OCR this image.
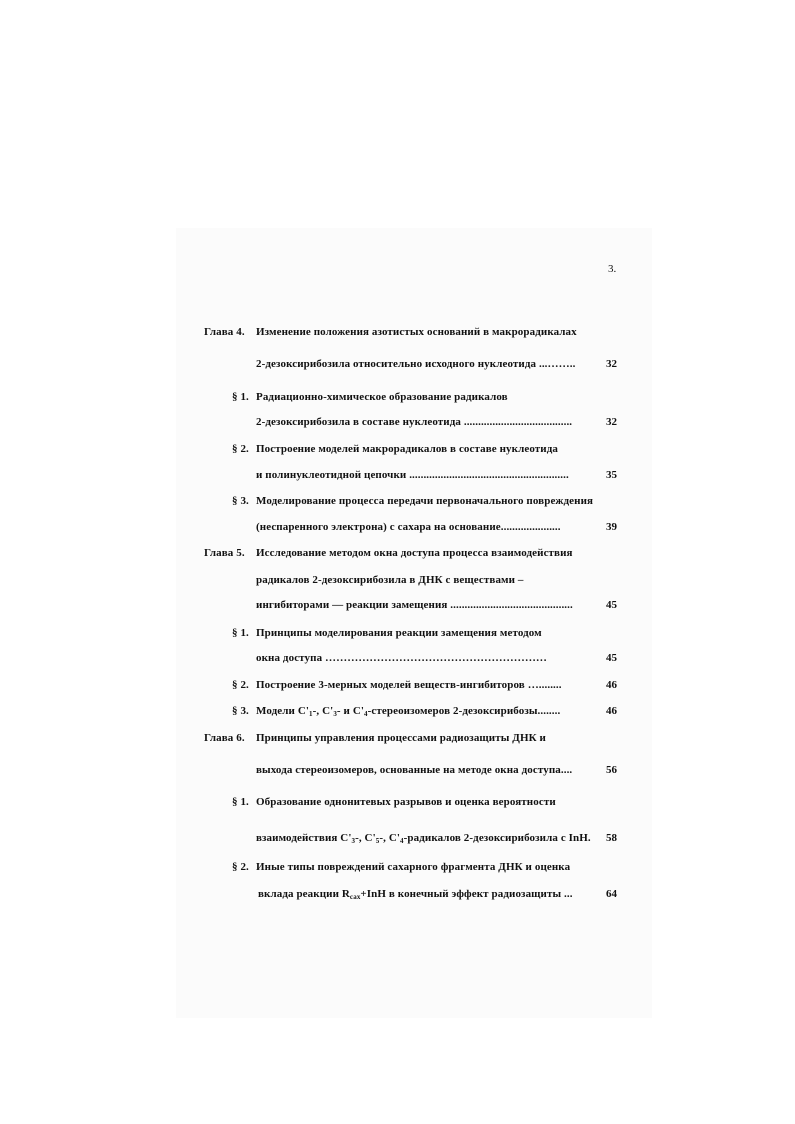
3.
Глава 4. Изменение положения азотистых оснований в макрорадикалах
2-дезоксирибозила относительно исходного нуклеотида ...……..	32
§ 1. Радиационно-химическое образование радикалов
2-дезоксирибозила в составе нуклеотида ......................................	32
§ 2. Построение моделей макрорадикалов в составе нуклеотида
и полинуклеотидной цепочки ........................................................	35
§ 3. Моделирование процесса передачи первоначального повреждения
(неспаренного электрона) с сахара на основание.....................	39
Глава 5. Исследование методом окна доступа процесса взаимодействия
радикалов 2-дезоксирибозила в ДНК с веществами –
ингибиторами — реакции замещения ...........................................	45
§ 1. Принципы моделирования реакции замещения методом
окна доступа ……………………………………………………	45
§ 2. Построение 3-мерных моделей веществ-ингибиторов …........	46
§ 3. Модели $С'_1-$, $С'_3-$ и $С'_4$-стереоизомеров 2-дезоксирибозы........	46
Глава 6. Принципы управления процессами радиозащиты ДНК и
выхода стереоизомеров, основанные на методе окна доступа....	56
§ 1. Образование однонитевых разрывов и оценка вероятности
взаимодействия $С'_3-$, $С'_5-$, $С'_4$-радикалов 2-дезоксирибозила с InH. 58
§ 2. Иные типы повреждений сахарного фрагмента ДНК и оценка
вклада реакции $R_{сах}+InH$ в конечный эффект радиозащиты ...	64
